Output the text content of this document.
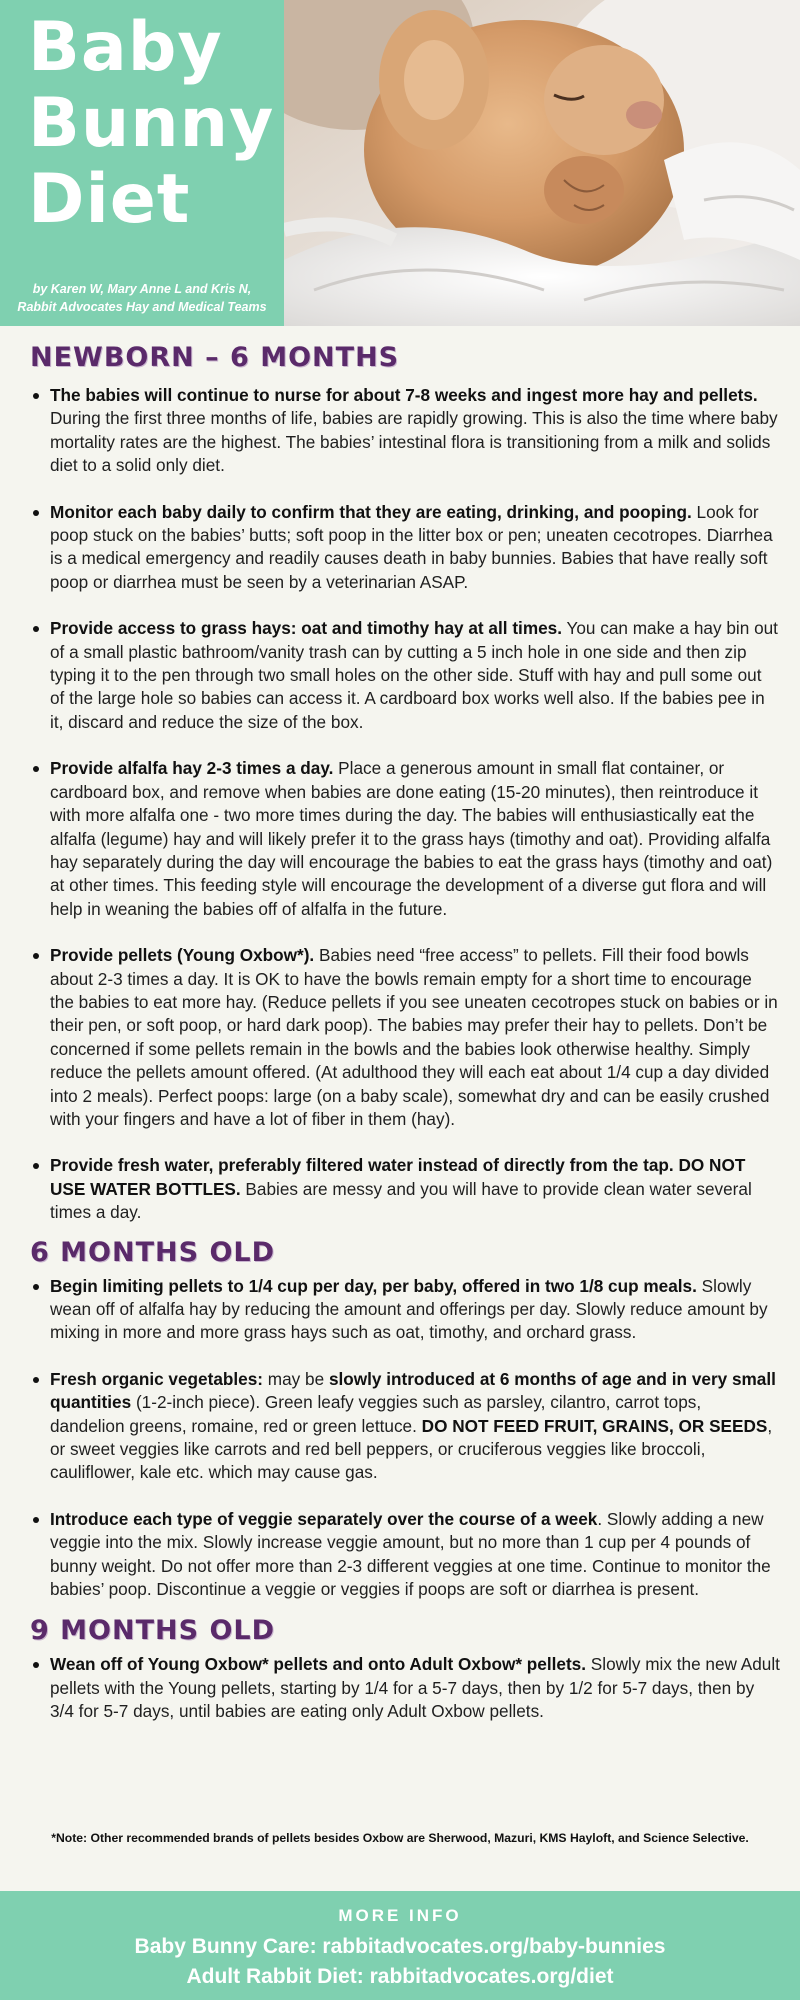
Baby
Bunny
Diet
by Karen W, Mary Anne L and Kris N,
Rabbit Advocates Hay and Medical Teams
NEWBORN – 6 MONTHS
The babies will continue to nurse for about 7-8 weeks and ingest more hay and pellets. During the first three months of life, babies are rapidly growing. This is also the time where baby mortality rates are the highest. The babies’ intestinal flora is transitioning from a milk and solids diet to a solid only diet.
Monitor each baby daily to confirm that they are eating, drinking, and pooping. Look for poop stuck on the babies’ butts; soft poop in the litter box or pen; uneaten cecotropes. Diarrhea is a medical emergency and readily causes death in baby bunnies. Babies that have really soft poop or diarrhea must be seen by a veterinarian ASAP.
Provide access to grass hays: oat and timothy hay at all times. You can make a hay bin out of a small plastic bathroom/vanity trash can by cutting a 5 inch hole in one side and then zip typing it to the pen through two small holes on the other side. Stuff with hay and pull some out of the large hole so babies can access it. A cardboard box works well also. If the babies pee in it, discard and reduce the size of the box.
Provide alfalfa hay 2-3 times a day. Place a generous amount in small flat container, or cardboard box, and remove when babies are done eating (15-20 minutes), then reintroduce it with more alfalfa one - two more times during the day. The babies will enthusiastically eat the alfalfa (legume) hay and will likely prefer it to the grass hays (timothy and oat). Providing alfalfa hay separately during the day will encourage the babies to eat the grass hays (timothy and oat) at other times. This feeding style will encourage the development of a diverse gut flora and will help in weaning the babies off of alfalfa in the future.
Provide pellets (Young Oxbow*). Babies need “free access” to pellets. Fill their food bowls about 2-3 times a day. It is OK to have the bowls remain empty for a short time to encourage the babies to eat more hay. (Reduce pellets if you see uneaten cecotropes stuck on babies or in their pen, or soft poop, or hard dark poop). The babies may prefer their hay to pellets. Don’t be concerned if some pellets remain in the bowls and the babies look otherwise healthy. Simply reduce the pellets amount offered. (At adulthood they will each eat about 1/4 cup a day divided into 2 meals). Perfect poops: large (on a baby scale), somewhat dry and can be easily crushed with your fingers and have a lot of fiber in them (hay).
Provide fresh water, preferably filtered water instead of directly from the tap. DO NOT USE WATER BOTTLES. Babies are messy and you will have to provide clean water several times a day.
6 MONTHS OLD
Begin limiting pellets to 1/4 cup per day, per baby, offered in two 1/8 cup meals. Slowly wean off of alfalfa hay by reducing the amount and offerings per day. Slowly reduce amount by mixing in more and more grass hays such as oat, timothy, and orchard grass.
Fresh organic vegetables: may be slowly introduced at 6 months of age and in very small quantities (1-2-inch piece). Green leafy veggies such as parsley, cilantro, carrot tops, dandelion greens, romaine, red or green lettuce. DO NOT FEED FRUIT, GRAINS, OR SEEDS, or sweet veggies like carrots and red bell peppers, or cruciferous veggies like broccoli, cauliflower, kale etc. which may cause gas.
Introduce each type of veggie separately over the course of a week. Slowly adding a new veggie into the mix. Slowly increase veggie amount, but no more than 1 cup per 4 pounds of bunny weight. Do not offer more than 2-3 different veggies at one time. Continue to monitor the babies’ poop. Discontinue a veggie or veggies if poops are soft or diarrhea is present.
9 MONTHS OLD
Wean off of Young Oxbow* pellets and onto Adult Oxbow* pellets. Slowly mix the new Adult pellets with the Young pellets, starting by 1/4 for a 5-7 days, then by 1/2 for 5-7 days, then by 3/4 for 5-7 days, until babies are eating only Adult Oxbow pellets.
*Note: Other recommended brands of pellets besides Oxbow are Sherwood, Mazuri, KMS Hayloft, and Science Selective.
MORE INFO
Baby Bunny Care: rabbitadvocates.org/baby-bunnies
Adult Rabbit Diet: rabbitadvocates.org/diet
